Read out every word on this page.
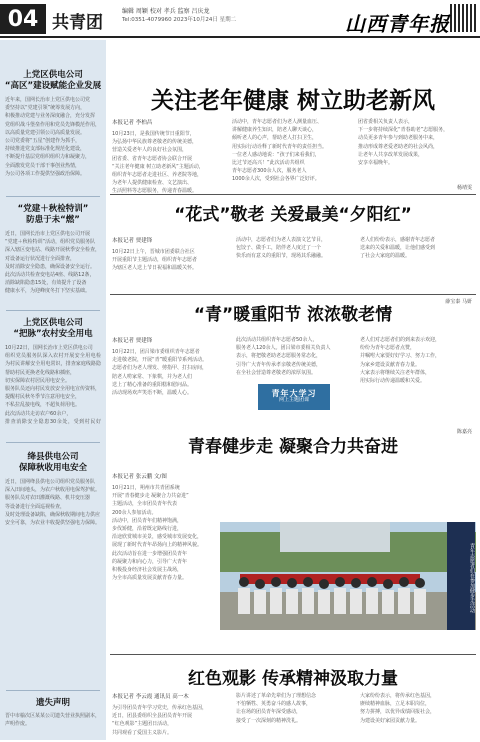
04 共青团
编辑 周颖 校对 孝兵 监察 吕庆龙
Tel:0351-4079960 2023年10月24日 星期二	山西青年报
上党区供电公司
“高区”建设赋能企业发展
近年来，国网长治市上党区供电公司党
委坚持以“党建引领”统筹发展方向，
积极推动党建与业务深度融合，充分发挥
党组织战斗堡垒作用和党员先锋模范作用，
以高质量党建引领公司高质量发展。
公司党委将“五星”创建作为抓手，
持续推进党支部标准化规范化建设，
不断提升基层党组织组织力和凝聚力，
全面激发党员干部干事创业热情，
为公司各项工作提供坚强政治保障。
杨靖雯
“党建＋秋检特训”
防患于未“燃”
近日，国网长治市上党区供电公司开展
“党建＋秋检特训”活动，组织党员服务队
深入辖区变电站、线路开展秋季安全检查，
对设备运行状况进行全面排查，
及时消除安全隐患，确保设备安全运行。
此次活动共检查变电站4座、线路12条，
消除缺陷隐患15处，有效提升了设备
健康水平，为迎峰度冬打下坚实基础。
薛宝泰 马妍
上党区供电公司
“把脉”农村安全用电
10月22日，国网长治市上党区供电公司
组织党员服务队深入农村开展安全用电检
为村民讲解安全用电常识，排查家庭线路隐
帮助村民更换老化线路和插座，
切实保障农村居民用电安全。
服务队员还向村民发放安全用电宣传资料，
提醒村民秋冬季节注意用电安全，
不私拉乱接电线，不超负荷用电。
此次活动共走访农户60余户，
排查消除安全隐患30余处，受到村民好
陈嘉亮
绛县供电公司
保障秋收用电安全
近日，国网绛县供电公司组织党员服务队
深入田间地头，为农户秋收用电保驾护航。
服务队员对农田灌溉线路、机井变压器
等设备进行全面巡视检查，
及时处理设备缺陷，确保秋收期间电力供应
安全可靠，为农业丰收提供坚强电力保障。
遗失声明
晋中市榆次区某某公司遗失营业执照副本，
声明作废。
关注老年健康 树立助老新风
本报记者 李柏昌
10月23日，是我国传统节日重阳节，
为弘扬中华民族尊老敬老的传统美德，
营造关爱老年人的良好社会氛围，
团省委、省青年志愿者协会联合开展
“关注老年健康 树立助老新风”主题活动，
组织青年志愿者走进社区、养老院等地，
为老年人提供健康检查、文艺演出、
生活照料等志愿服务，传递青春温暖。
活动中，青年志愿者们为老人测量血压、
讲解健康养生知识，陪老人聊天谈心，
倾听老人的心声，帮助老人打扫卫生，
用实际行动诠释了新时代青年的责任担当。
一位老人感动地说：“孩子们来看我们，
比过节还高兴！”此次活动共组织
青年志愿者300余人次，服务老人
1000余人次，受到社会各界广泛好评。
团省委相关负责人表示，
下一步将持续深化“青春助老”志愿服务，
动员更多青年参与到助老服务中来，
推动形成尊老爱老助老的社会风尚，
让老年人共享改革发展成果，
安享幸福晚年。
“花式”敬老 关爱最美“夕阳红”
本报记者 贾建锋
10月22日上午，晋城市团委联合社区
开展重阳节主题活动，组织青年志愿者
为辖区老人送上节日祝福和温暖关怀。
活动中，志愿者们为老人表演文艺节目，
包饺子、做手工，陪伴老人度过了一个
快乐而有意义的重阳节，现场其乐融融。
老人们纷纷表示，感谢青年志愿者
送来的关爱和温暖，让他们感受到
了社会大家庭的温暖。
“青”暖重阳节 浓浓敬老情
本报记者 贾建锋
10月22日，团吕梁市委组织青年志愿者
走进敬老院，开展“青”暖重阳节系列活动。
志愿者们为老人理发、剪指甲、打扫房间，
陪老人唠家常、下象棋，并为老人们
送上了精心准备的重阳糕和慰问品。
活动现场欢声笑语不断，温暖人心。
此次活动共组织青年志愿者50余人，
服务老人120余人。团吕梁市委相关负责人
表示，将把敬老助老志愿服务常态化，
引导广大青年传承孝亲敬老传统美德，
在全社会营造尊老敬老的浓厚氛围。
老人们对志愿者们的到来表示欢迎，
纷纷为青年志愿者点赞，
并嘱咐大家要好好学习、努力工作，
为家乡建设贡献青春力量。
大家表示将继续关注老年群体，
用实际行动传递温暖和关爱。
青年大学习
网上主题团课
青春健步走 凝聚合力共奋进
本报记者 张云鹏 文/图
10月21日，朔州市共青团系统
开展“青春健步走 凝聚合力共奋进”
主题活动，全市团员青年代表
200余人参加活动。
活动中，团员青年们精神饱满，
步伐矫健，沿着既定路线行进，
沿途欣赏城市美景，感受城市发展变化，
展现了新时代青年昂扬向上的精神风貌。
此次活动旨在进一步增强团员青年
的凝聚力和向心力，引导广大青年
积极投身经济社会发展主战场，
为全市高质量发展贡献青春力量。	青年志愿者们在参加健步走活动
红色观影 传承精神汲取力量
本报记者 李云霞 通讯员 高一木
为引导团员青年学习党史，传承红色基因，
近日，团县委组织全县团员青年开展
“红色观影”主题团日活动，
共同观看了爱国主义影片。
影片讲述了革命先辈们为了理想信念
不怕牺牲、英勇奋斗的感人故事，
让在场的团员青年深受感动，
接受了一次深刻的精神洗礼。
大家纷纷表示，将传承红色基因，
赓续精神血脉，立足本职岗位，
努力拼搏，以优异成绩回报社会，
为建设美好家园贡献力量。
